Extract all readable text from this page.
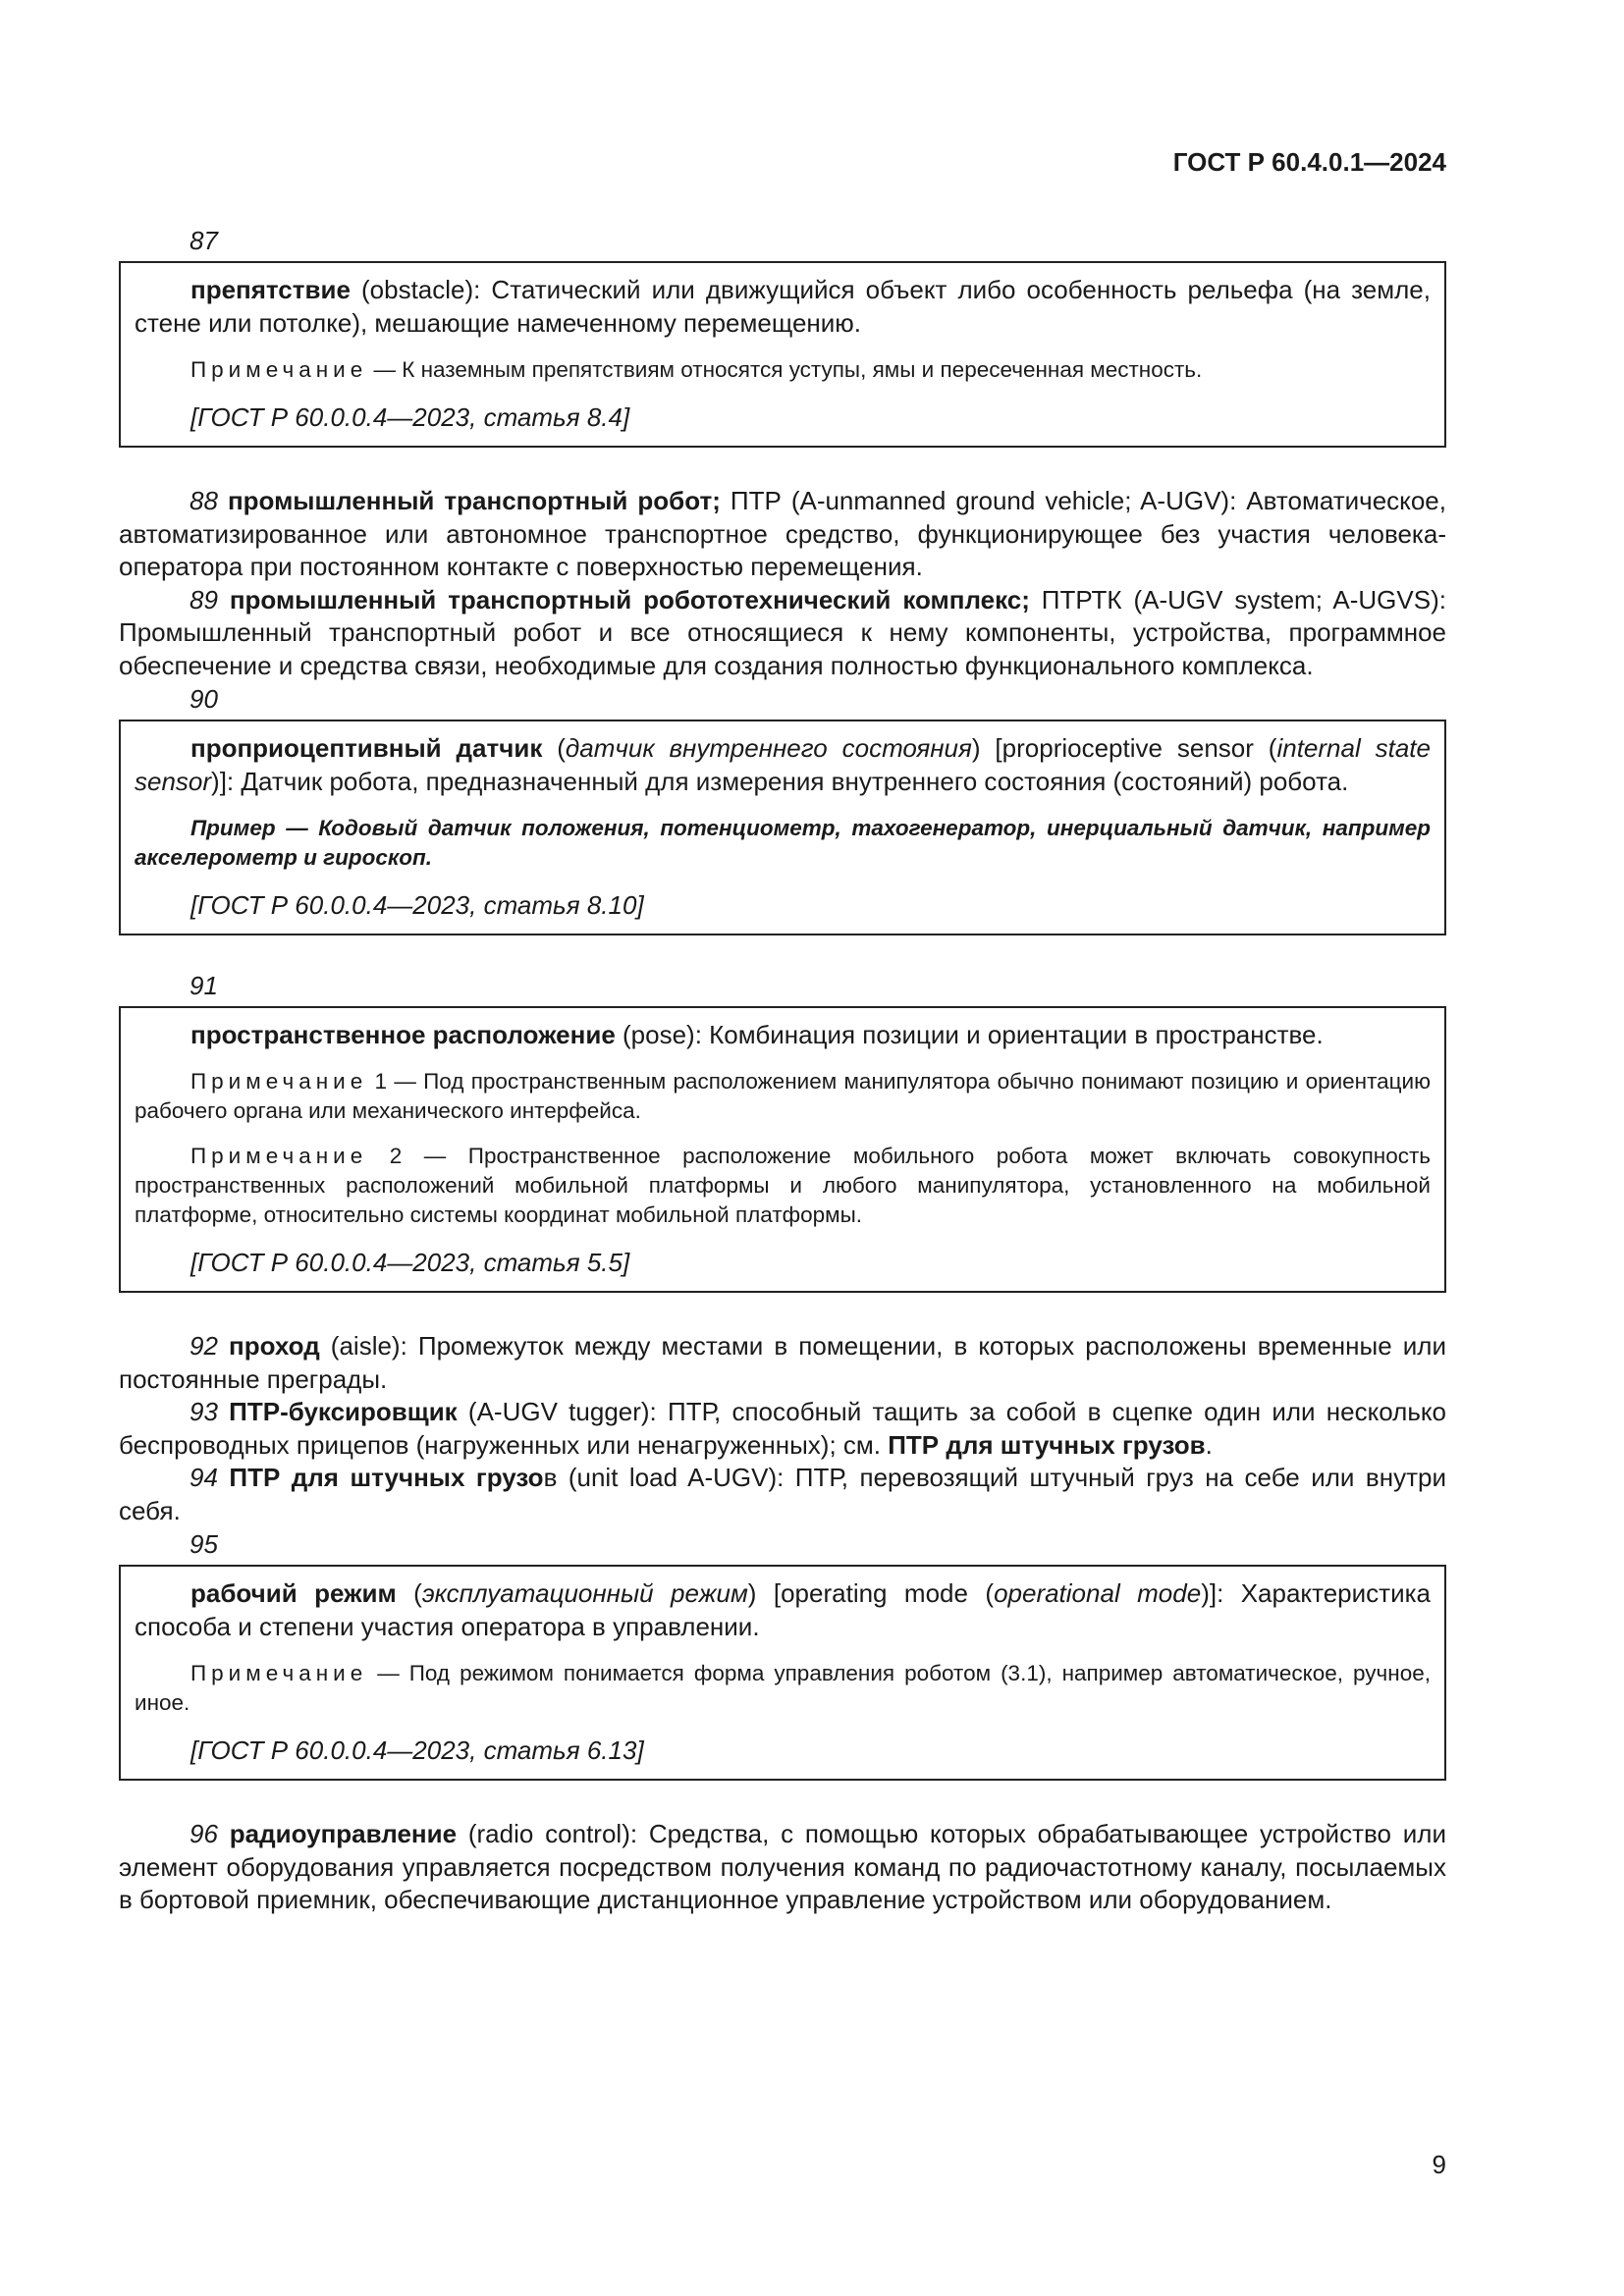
ГОСТ Р 60.4.0.1—2024
87

препятствие (obstacle): Статический или движущийся объект либо особенность рельефа (на земле, стене или потолке), мешающие намеченному перемещению.

Примечание — К наземным препятствиям относятся уступы, ямы и пересеченная местность.

[ГОСТ Р 60.0.0.4—2023, статья 8.4]

88 промышленный транспортный робот; ПТР (A-unmanned ground vehicle; A-UGV): Автоматическое, автоматизированное или автономное транспортное средство, функционирующее без участия человека-оператора при постоянном контакте с поверхностью перемещения.

89 промышленный транспортный робототехнический комплекс; ПТРТК (A-UGV system; A-UGVS): Промышленный транспортный робот и все относящиеся к нему компоненты, устройства, программное обеспечение и средства связи, необходимые для создания полностью функционального комплекса.

90

проприоцептивный датчик (датчик внутреннего состояния) [proprioceptive sensor (internal state sensor)]: Датчик робота, предназначенный для измерения внутреннего состояния (состояний) робота.

Пример — Кодовый датчик положения, потенциометр, тахогенератор, инерциальный датчик, например акселерометр и гироскоп.

[ГОСТ Р 60.0.0.4—2023, статья 8.10]

91

пространственное расположение (pose): Комбинация позиции и ориентации в пространстве.

Примечание 1 — Под пространственным расположением манипулятора обычно понимают позицию и ориентацию рабочего органа или механического интерфейса.

Примечание 2 — Пространственное расположение мобильного робота может включать совокупность пространственных расположений мобильной платформы и любого манипулятора, установленного на мобильной платформе, относительно системы координат мобильной платформы.

[ГОСТ Р 60.0.0.4—2023, статья 5.5]

92 проход (aisle): Промежуток между местами в помещении, в которых расположены временные или постоянные преграды.

93 ПТР-буксировщик (A-UGV tugger): ПТР, способный тащить за собой в сцепке один или несколько беспроводных прицепов (нагруженных или ненагруженных); см. ПТР для штучных грузов.

94 ПТР для штучных грузов (unit load A-UGV): ПТР, перевозящий штучный груз на себе или внутри себя.

95

рабочий режим (эксплуатационный режим) [operating mode (operational mode)]: Характеристика способа и степени участия оператора в управлении.

Примечание — Под режимом понимается форма управления роботом (3.1), например автоматическое, ручное, иное.

[ГОСТ Р 60.0.0.4—2023, статья 6.13]

96 радиоуправление (radio control): Средства, с помощью которых обрабатывающее устройство или элемент оборудования управляется посредством получения команд по радиочастотному каналу, посылаемых в бортовой приемник, обеспечивающие дистанционное управление устройством или оборудованием.

9
